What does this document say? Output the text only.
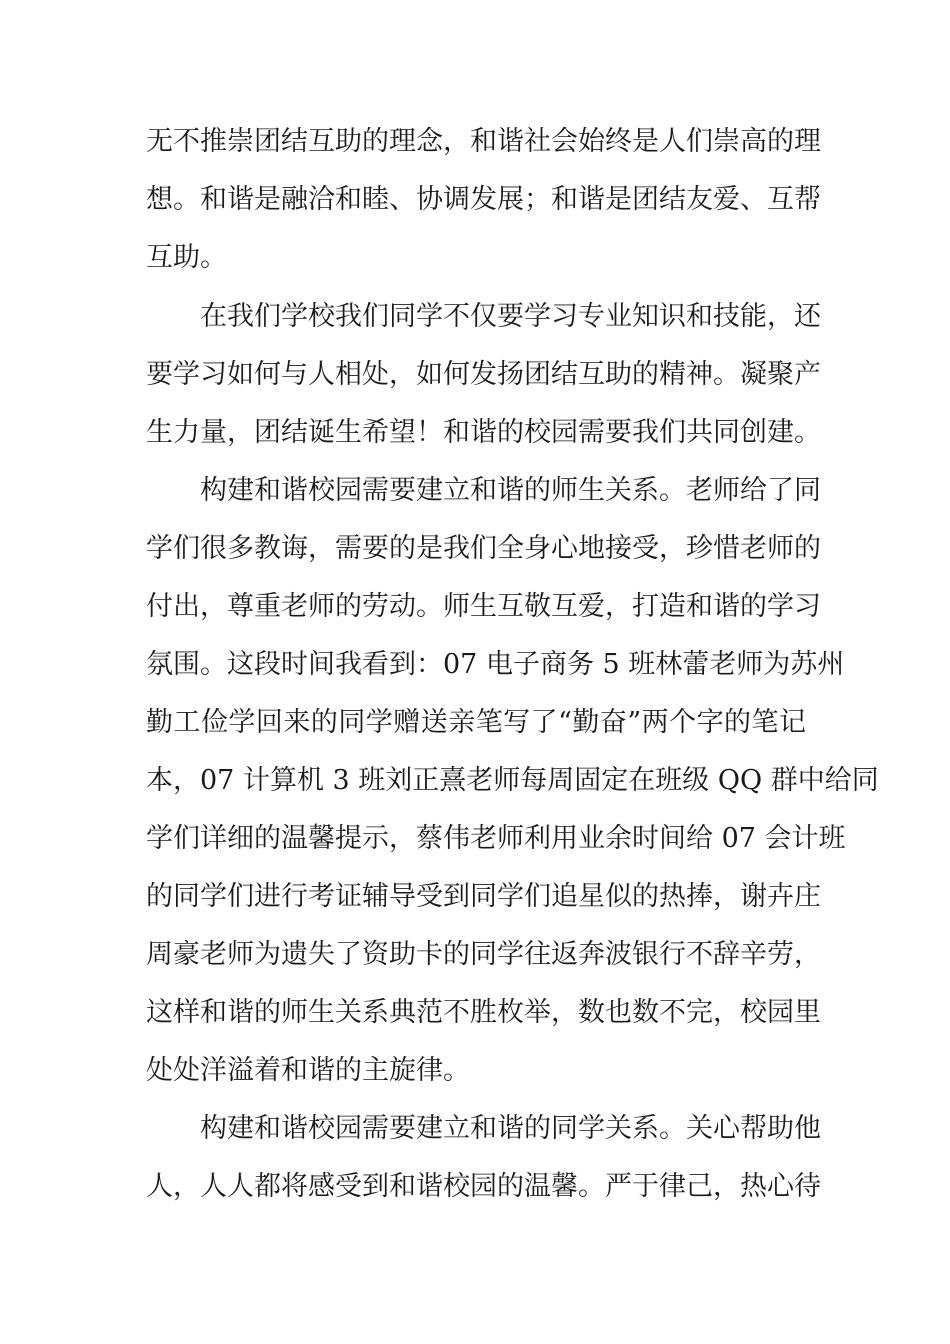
无不推崇团结互助的理念，和谐社会始终是人们崇高的理
想。和谐是融洽和睦、协调发展；和谐是团结友爱、互帮
互助。
在我们学校我们同学不仅要学习专业知识和技能，还
要学习如何与人相处，如何发扬团结互助的精神。凝聚产
生力量，团结诞生希望！和谐的校园需要我们共同创建。
构建和谐校园需要建立和谐的师生关系。老师给了同
学们很多教诲，需要的是我们全身心地接受，珍惜老师的
付出，尊重老师的劳动。师生互敬互爱，打造和谐的学习
氛围。这段时间我看到：07 电子商务 5 班林蕾老师为苏州
勤工俭学回来的同学赠送亲笔写了“勤奋”两个字的笔记
本，07 计算机 3 班刘正熹老师每周固定在班级 QQ 群中给同
学们详细的温馨提示，蔡伟老师利用业余时间给 07 会计班
的同学们进行考证辅导受到同学们追星似的热捧，谢卉庄
周豪老师为遗失了资助卡的同学往返奔波银行不辞辛劳，
这样和谐的师生关系典范不胜枚举，数也数不完，校园里
处处洋溢着和谐的主旋律。
构建和谐校园需要建立和谐的同学关系。关心帮助他
人，人人都将感受到和谐校园的温馨。严于律己，热心待
